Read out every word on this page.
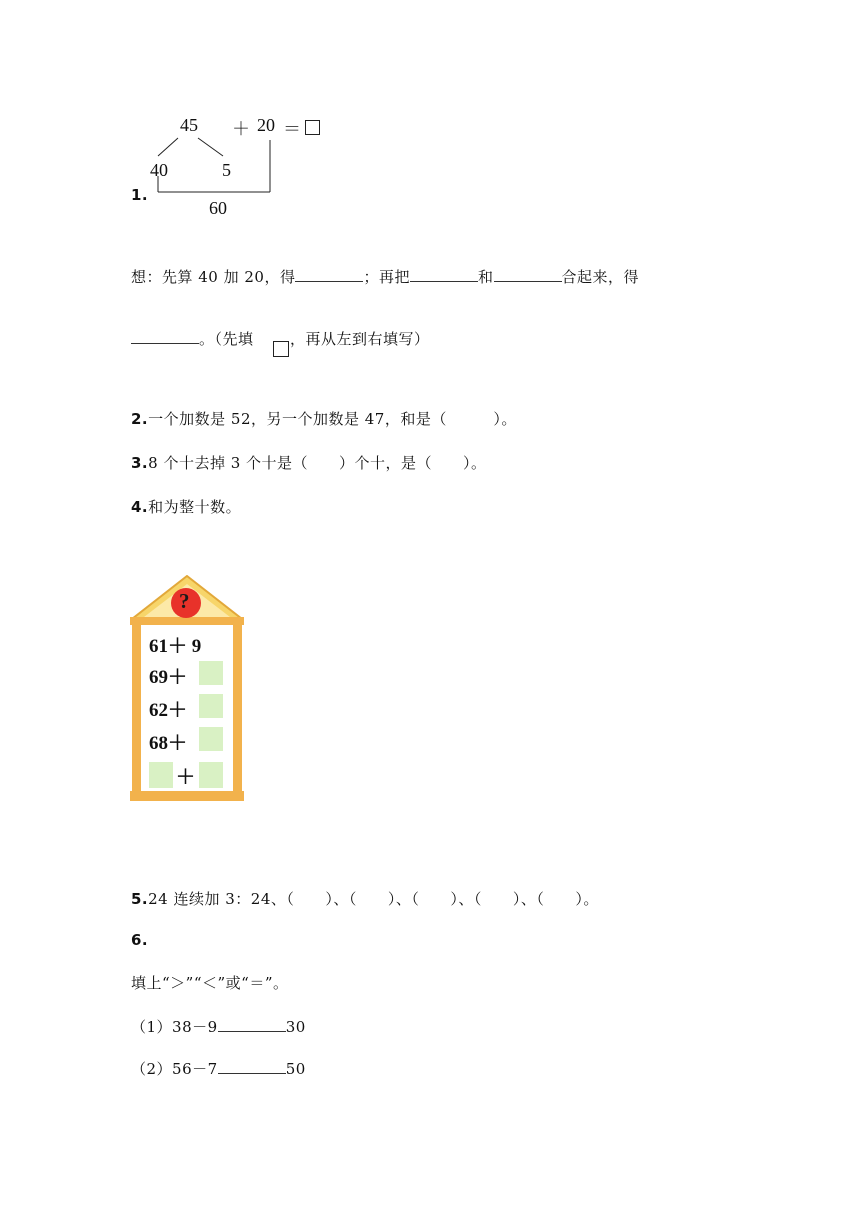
45 ＋ 20 ＝
40	5
60
1.
想：先算 40 加 20，得	；再把	和	合起来，得
。（先填 ，再从左到右填写）
2.一个加数是 52，另一个加数是 47，和是（　　　）。
3.8 个十去掉 3 个十是（　　）个十，是（　　）。
4.和为整十数。
?
61＋ 9
69＋
62＋
68＋
＋
5.24 连续加 3：24、（　　）、（　　）、（　　）、（　　）、（　　）。
6.
填上“＞”“＜”或“＝”。
（1）38－9	30
（2）56－7	50
